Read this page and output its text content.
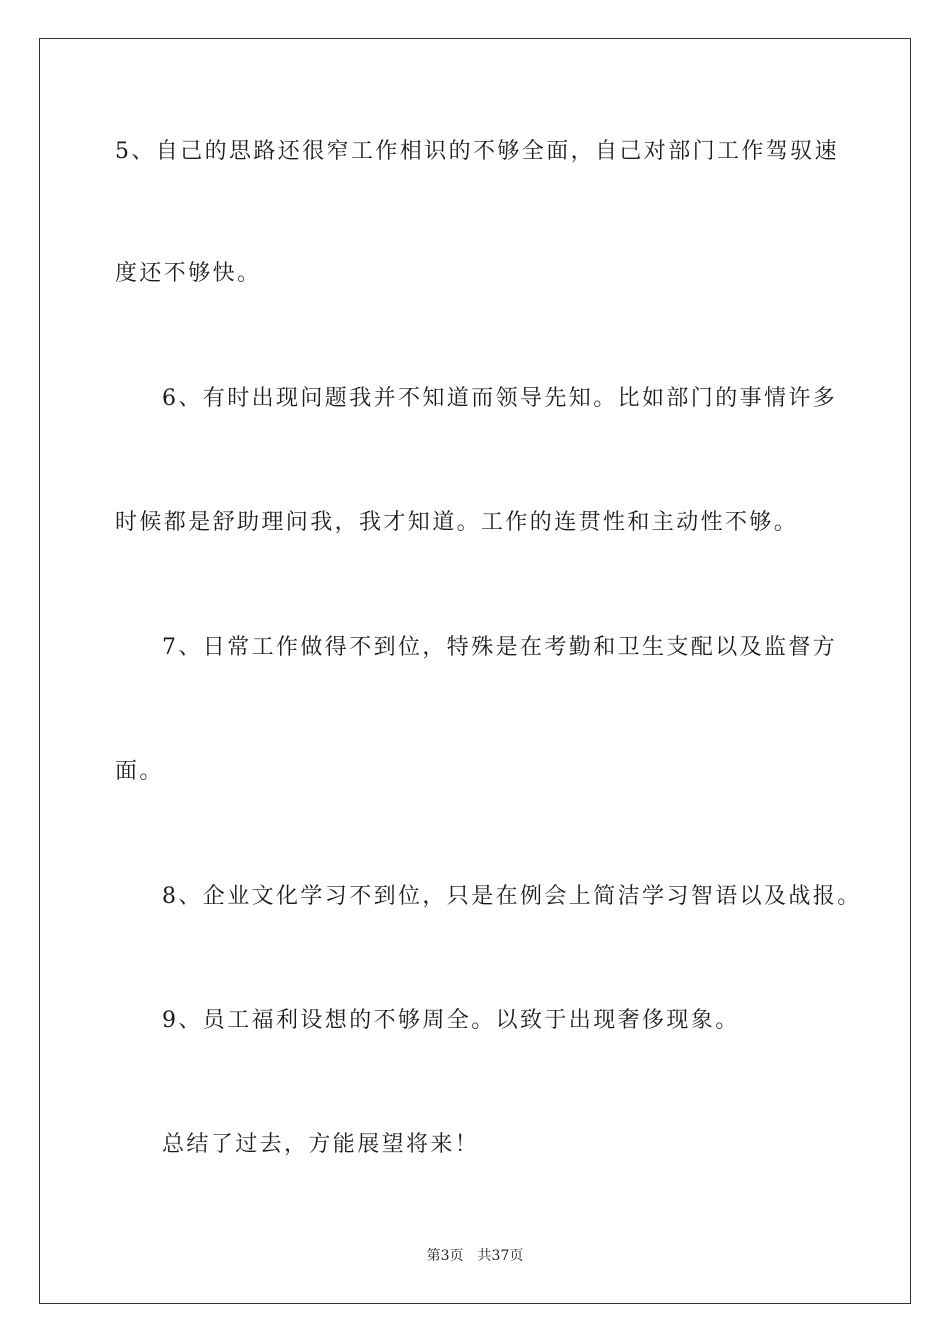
5、自己的思路还很窄工作相识的不够全面，自己对部门工作驾驭速
度还不够快。
6、有时出现问题我并不知道而领导先知。比如部门的事情许多
时候都是舒助理问我，我才知道。工作的连贯性和主动性不够。
7、日常工作做得不到位，特殊是在考勤和卫生支配以及监督方
面。
8、企业文化学习不到位，只是在例会上简洁学习智语以及战报。
9、员工福利设想的不够周全。以致于出现奢侈现象。
总结了过去，方能展望将来！
第3页 共37页
